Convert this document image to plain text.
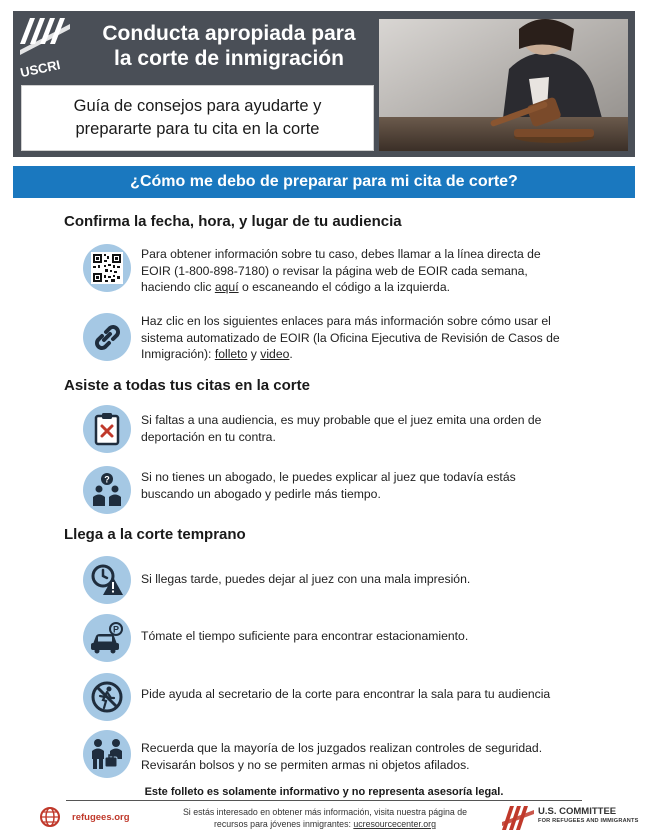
USCRI
Conducta apropiada para
la corte de inmigración
Guía de consejos para ayudarte y
prepararte para tu cita en la corte
¿Cómo me debo de preparar para mi cita de corte?
Confirma la fecha, hora, y lugar de tu audiencia
Para obtener información sobre tu caso, debes llamar a la línea directa de EOIR (1-800-898-7180) o revisar la página web de EOIR cada semana, haciendo clic aquí o escaneando el código a la izquierda.
Haz clic en los siguientes enlaces para más información sobre cómo usar el sistema automatizado de EOIR (la Oficina Ejecutiva de Revisión de Casos de Inmigración): folleto y video.
Asiste a todas tus citas en la corte
Si faltas a una audiencia, es muy probable que el juez emita una orden de deportación en tu contra.
?	Si no tienes un abogado, le puedes explicar al juez que todavía estás buscando un abogado y pedirle más tiempo.
Llega a la corte temprano
Si llegas tarde, puedes dejar al juez con una mala impresión.
P Tómate el tiempo suficiente para encontrar estacionamiento.
Pide ayuda al secretario de la corte para encontrar la sala para tu audiencia
Recuerda que la mayoría de los juzgados realizan controles de seguridad. Revisarán bolsos y no se permiten armas ni objetos afilados.
Este folleto es solamente informativo y no representa asesoría legal.
refugees.org	Si estás interesado en obtener más información, visita nuestra página de
recursos para jóvenes inmigrantes: ucresourcecenter.org
U.S. COMMITTEE
FOR REFUGEES AND IMMIGRANTS
